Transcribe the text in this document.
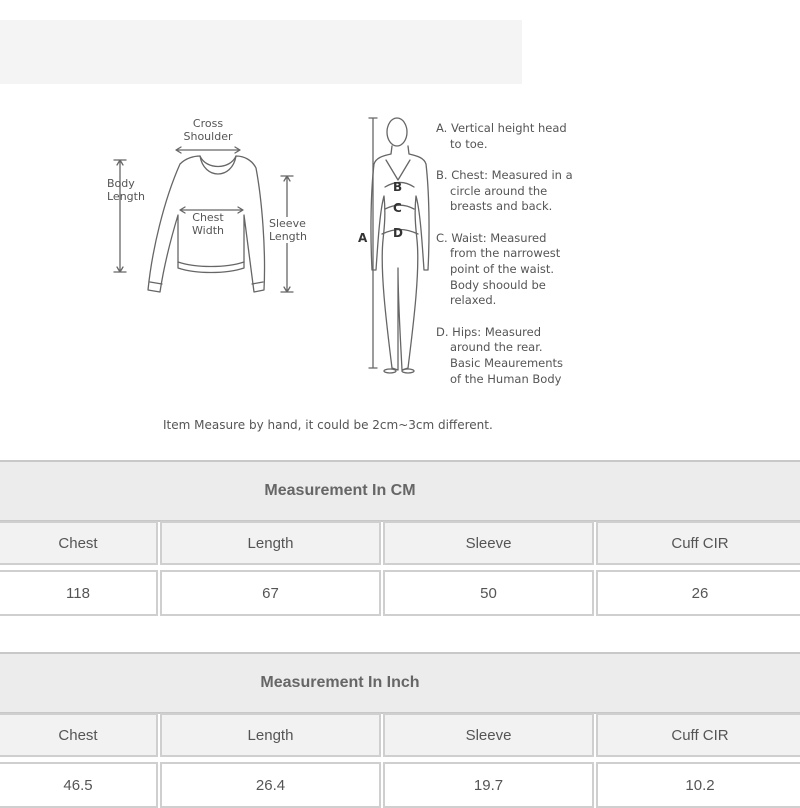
Cross
Shoulder
Body
Length
Chest
Width
Sleeve
Length	A
B
C
D
A. Vertical height head
to toe.
B. Chest: Measured in a
circle around the
breasts and back.
C. Waist: Measured
from the narrowest
point of the waist.
Body shoould be
relaxed.
D. Hips: Measured
around the rear.
Basic Meaurements
of the Human Body
Item Measure by hand, it could be 2cm~3cm different.
Measurement In CM
Chest	Length	Sleeve	Cuff CIR
118	67	50	26
Measurement In Inch
Chest	Length	Sleeve	Cuff CIR
46.5	26.4	19.7	10.2
